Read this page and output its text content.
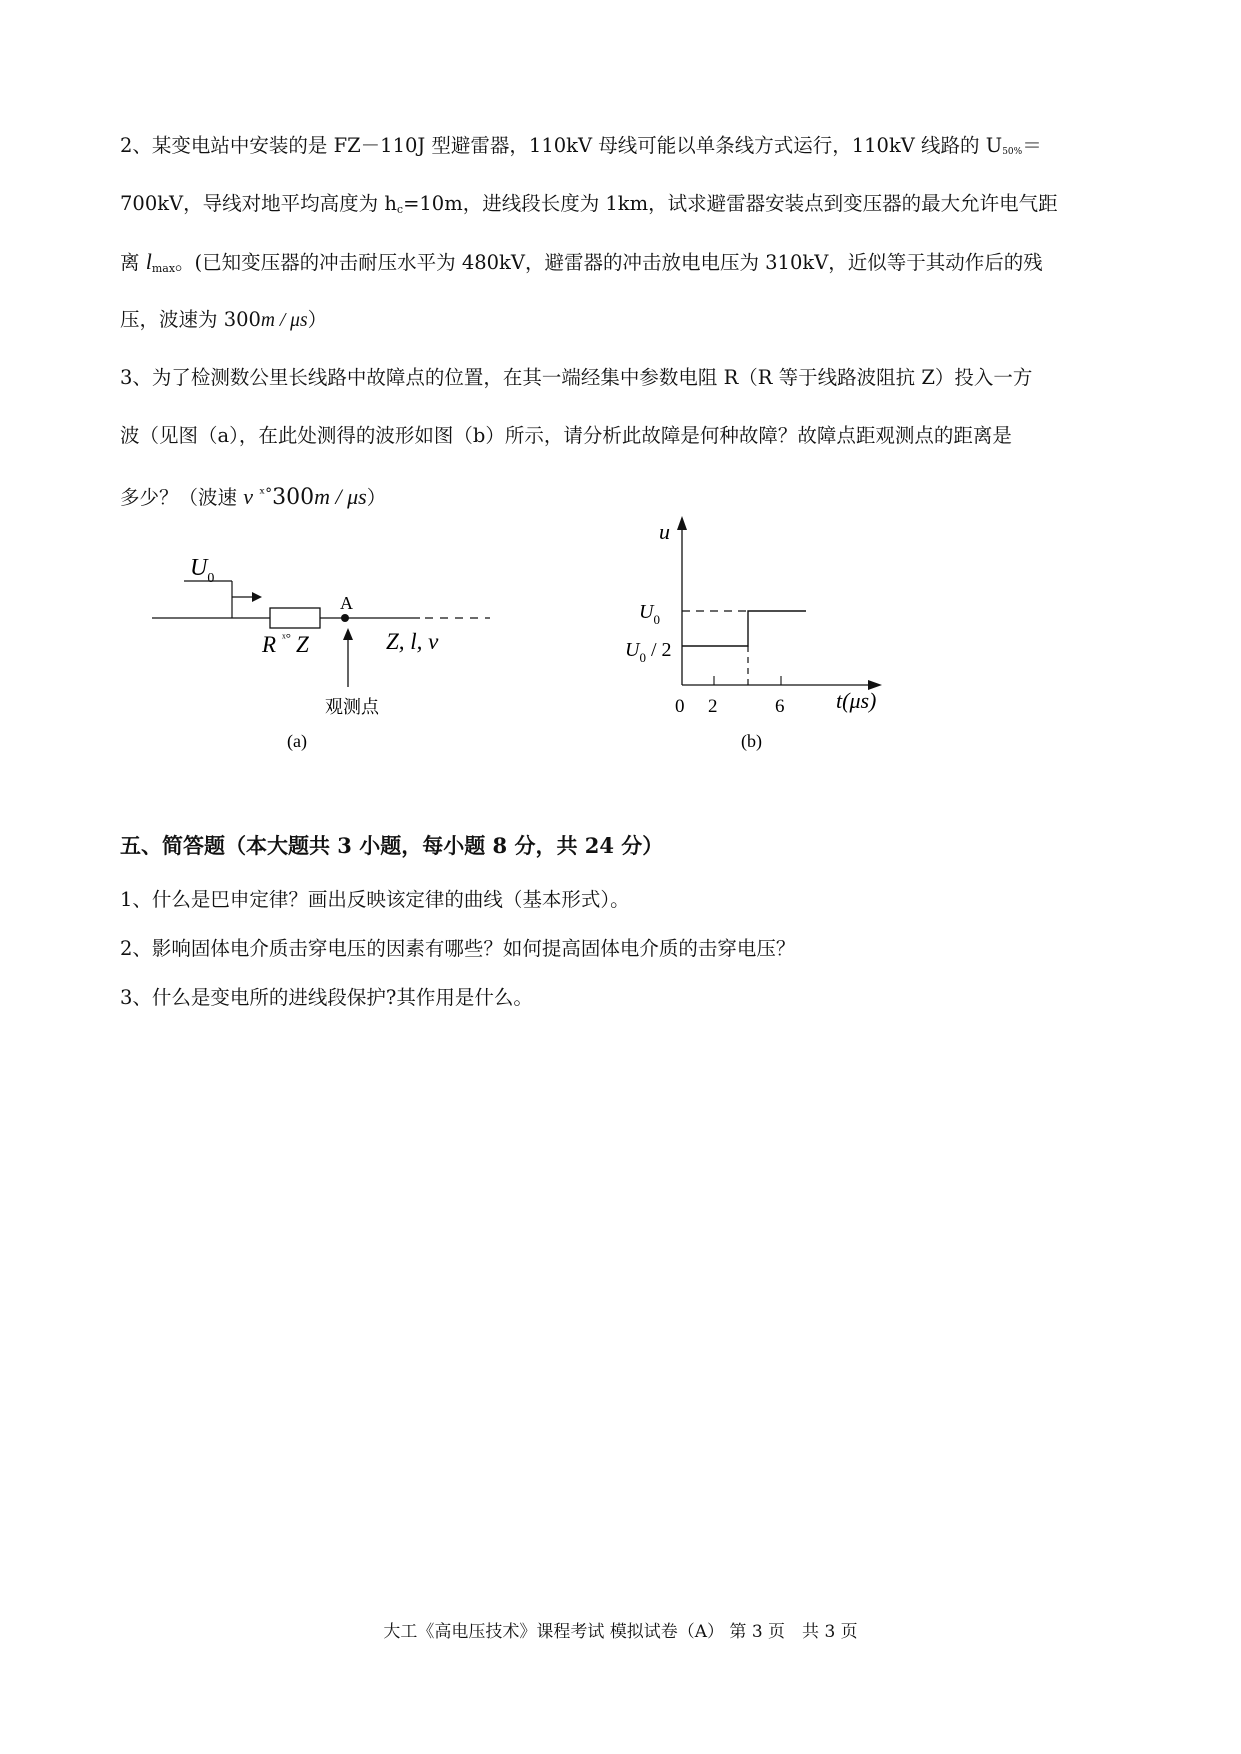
2、某变电站中安装的是 FZ－110J 型避雷器，110kV 母线可能以单条线方式运行，110kV 线路的 U50%＝
700kV，导线对地平均高度为 $h_c=10m$，进线段长度为 1km，试求避雷器安装点到变压器的最大允许电气距
离 $l_{max}$。(已知变压器的冲击耐压水平为 480kV，避雷器的冲击放电电压为 310kV，近似等于其动作后的残
压，波速为 300m / μs）
3、为了检测数公里长线路中故障点的位置，在其一端经集中参数电阻 R（R 等于线路波阻抗 Z）投入一方
波（见图（a），在此处测得的波形如图（b）所示，请分析此故障是何种故障？故障点距观测点的距离是
多少？（波速 v $^{ˣ^\circ}$300m / μs）
$U_0$
A
R ˣ° Z	Z, l, v
观测点
(a)
u
$U_0$
$U_0 / 2$
0 2	6 t(μs)
(b)
五、简答题（本大题共 3 小题，每小题 8 分，共 24 分）
1、什么是巴申定律？画出反映该定律的曲线（基本形式）。
2、影响固体电介质击穿电压的因素有哪些？如何提高固体电介质的击穿电压？
3、什么是变电所的进线段保护?其作用是什么。
大工《高电压技术》课程考试 模拟试卷（A） 第 3 页　共 3 页
